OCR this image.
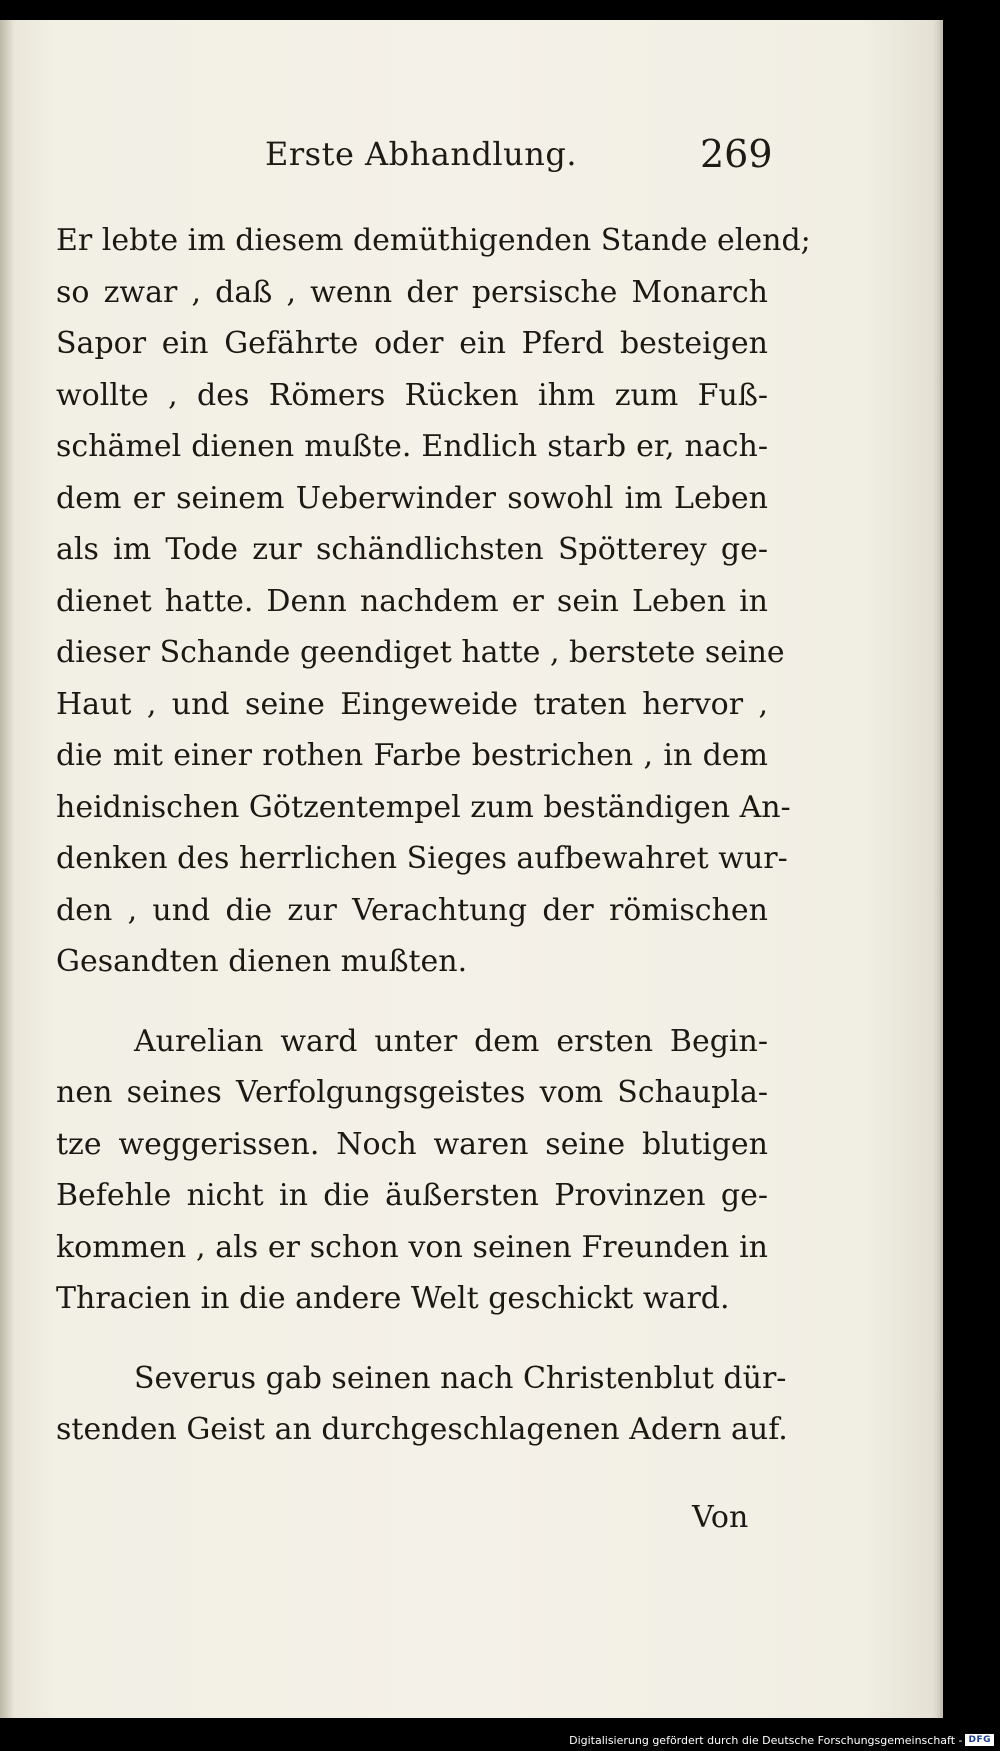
Erste Abhandlung.	269
Er lebte im diesem demüthigenden Stande elend;
so zwar , daß , wenn der persische Monarch
Sapor ein Gefährte oder ein Pferd besteigen
wollte , des Römers Rücken ihm zum Fuß-
schämel dienen mußte. Endlich starb er, nach-
dem er seinem Ueberwinder sowohl im Leben
als im Tode zur schändlichsten Spötterey ge-
dienet hatte. Denn nachdem er sein Leben in
dieser Schande geendiget hatte , berstete seine
Haut , und seine Eingeweide traten hervor ,
die mit einer rothen Farbe bestrichen , in dem
heidnischen Götzentempel zum beständigen An-
denken des herrlichen Sieges aufbewahret wur-
den , und die zur Verachtung der römischen
Gesandten dienen mußten.
Aurelian ward unter dem ersten Begin-
nen seines Verfolgungsgeistes vom Schaupla-
tze weggerissen. Noch waren seine blutigen
Befehle nicht in die äußersten Provinzen ge-
kommen , als er schon von seinen Freunden in
Thracien in die andere Welt geschickt ward.
Severus gab seinen nach Christenblut dür-
stenden Geist an durchgeschlagenen Adern auf.
Von
Digitalisierung gefördert durch die Deutsche Forschungsgemeinschaft - DFG
